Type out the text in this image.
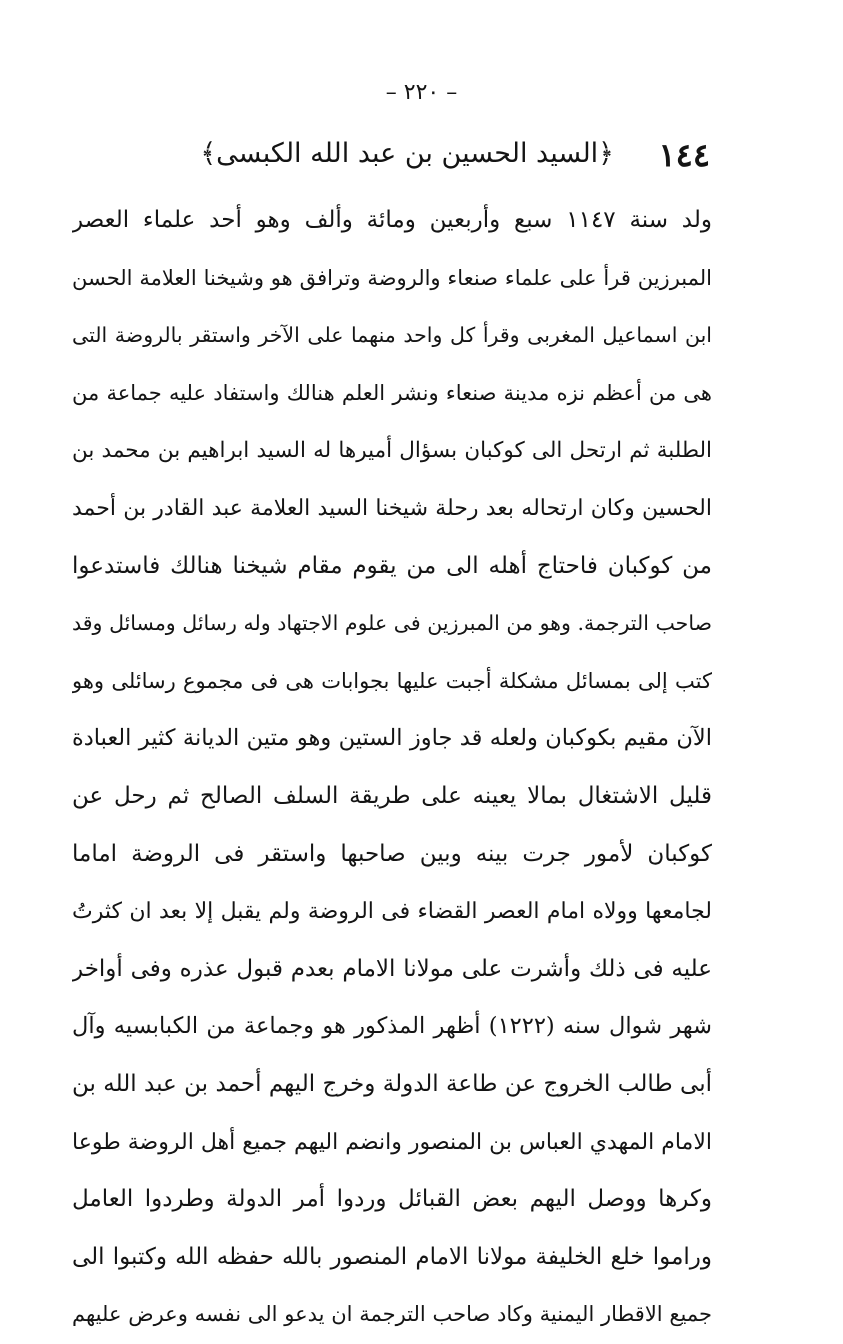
– ٢٢٠ –
١٤٤
﴿السيد الحسين بن عبد الله الكبسى﴾
ولد سنة ١١٤٧ سبع وأربعين ومائة وألف وهو أحد علماء العصر
المبرزين قرأ على علماء صنعاء والروضة وترافق هو وشيخنا العلامة الحسن
ابن اسماعيل المغربى وقرأ كل واحد منهما على الآخر واستقر بالروضة التى
هى من أعظم نزه مدينة صنعاء ونشر العلم هنالك واستفاد عليه جماعة من
الطلبة ثم ارتحل الى كوكبان بسؤال أميرها له السيد ابراهيم بن محمد بن
الحسين وكان ارتحاله بعد رحلة شيخنا السيد العلامة عبد القادر بن أحمد
من كوكبان فاحتاج أهله الى من يقوم مقام شيخنا هنالك فاستدعوا
صاحب الترجمة. وهو من المبرزين فى علوم الاجتهاد وله رسائل ومسائل وقد
كتب إلى بمسائل مشكلة أجبت عليها بجوابات هى فى مجموع رسائلى وهو
الآن مقيم بكوكبان ولعله قد جاوز الستين وهو متين الديانة كثير العبادة
قليل الاشتغال بمالا يعينه على طريقة السلف الصالح ثم رحل عن
كوكبان لأمور جرت بينه وبين صاحبها واستقر فى الروضة اماما
لجامعها وولاه امام العصر القضاء فى الروضة ولم يقبل إلا بعد ان كثرتُ
عليه فى ذلك وأشرت على مولانا الامام بعدم قبول عذره وفى أواخر
شهر شوال سنه (١٢٢٢) أظهر المذكور هو وجماعة من الكبابسيه وآل
أبى طالب الخروج عن طاعة الدولة وخرج اليهم أحمد بن عبد الله بن
الامام المهدي العباس بن المنصور وانضم اليهم جميع أهل الروضة طوعا
وكرها ووصل اليهم بعض القبائل وردوا أمر الدولة وطردوا العامل
وراموا خلع الخليفة مولانا الامام المنصور بالله حفظه الله وكتبوا الى
جميع الاقطار اليمنية وكاد صاحب الترجمة ان يدعو الى نفسه وعرض عليهم
